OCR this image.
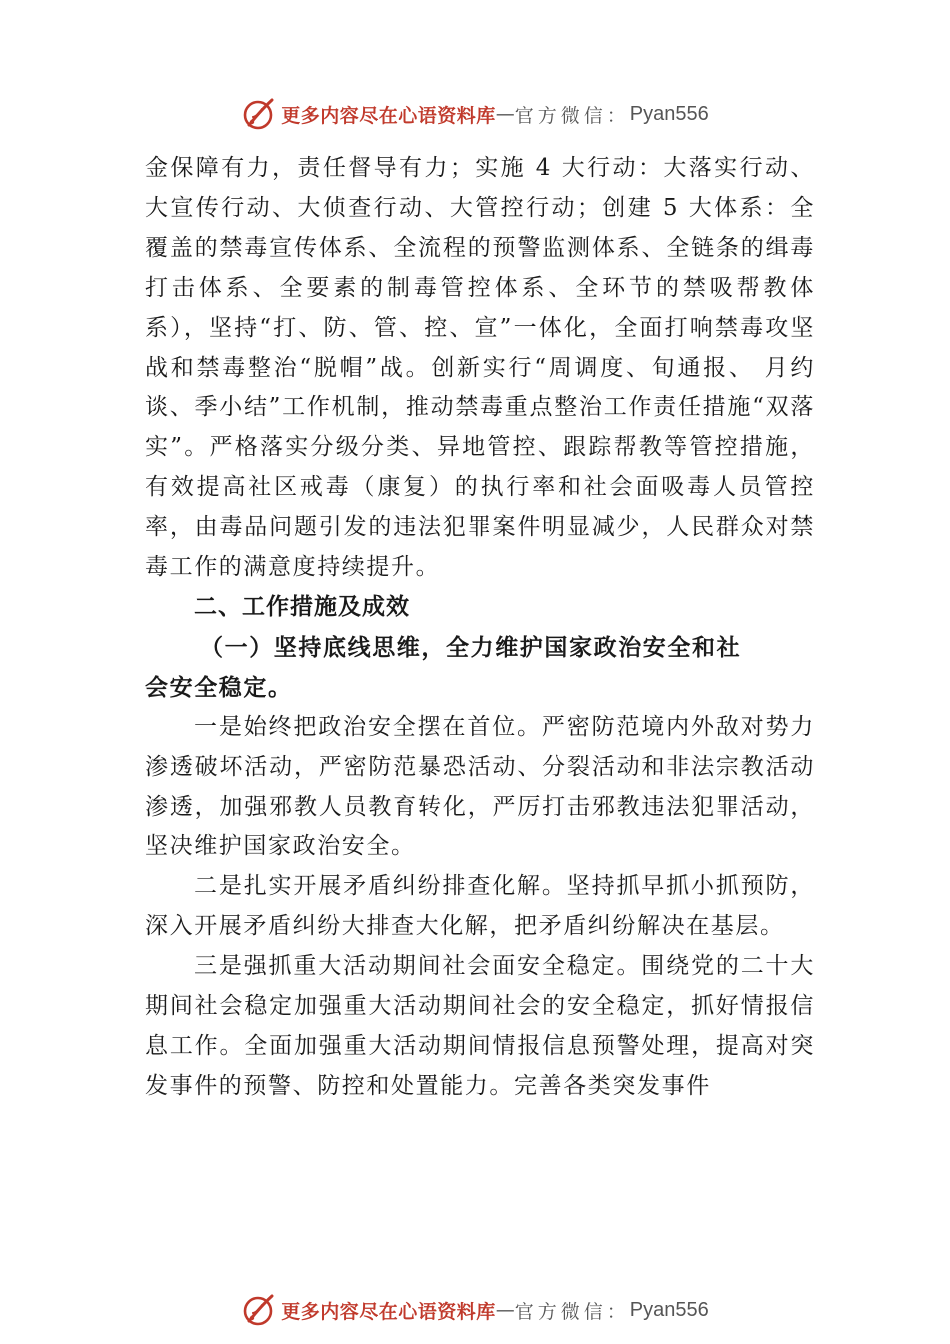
更多内容尽在心语资料库 — 官方微信 ： Pyan556

金保障有力，责任督导有力；实施 4 大行动：大落实行动、大宣传行动、大侦查行动、大管控行动；创建 5 大体系：全覆盖的禁毒宣传体系、全流程的预警监测体系、全链条的缉毒打击体系、全要素的制毒管控体系、全环节的禁吸帮教体系），坚持“打、防、管、控、宣”一体化，全面打响禁毒攻坚战和禁毒整治“脱帽”战。创新实行“周调度、旬通报、 月约谈、季小结”工作机制，推动禁毒重点整治工作责任措施“双落实”。严格落实分级分类、异地管控、跟踪帮教等管控措施，有效提高社区戒毒（康复）的执行率和社会面吸毒人员管控率，由毒品问题引发的违法犯罪案件明显减少，人民群众对禁毒工作的满意度持续提升。

二、工作措施及成效

（一）坚持底线思维，全力维护国家政治安全和社
会安全稳定。

一是始终把政治安全摆在首位。严密防范境内外敌对势力渗透破坏活动，严密防范暴恐活动、分裂活动和非法宗教活动渗透，加强邪教人员教育转化，严厉打击邪教违法犯罪活动，坚决维护国家政治安全。

二是扎实开展矛盾纠纷排查化解。坚持抓早抓小抓预防，深入开展矛盾纠纷大排查大化解，把矛盾纠纷解决在基层。

三是强抓重大活动期间社会面安全稳定。围绕党的二十大期间社会稳定加强重大活动期间社会的安全稳定，抓好情报信息工作。全面加强重大活动期间情报信息预警处理，提高对突发事件的预警、防控和处置能力。完善各类突发事件

更多内容尽在心语资料库 — 官方微信 ： Pyan556
